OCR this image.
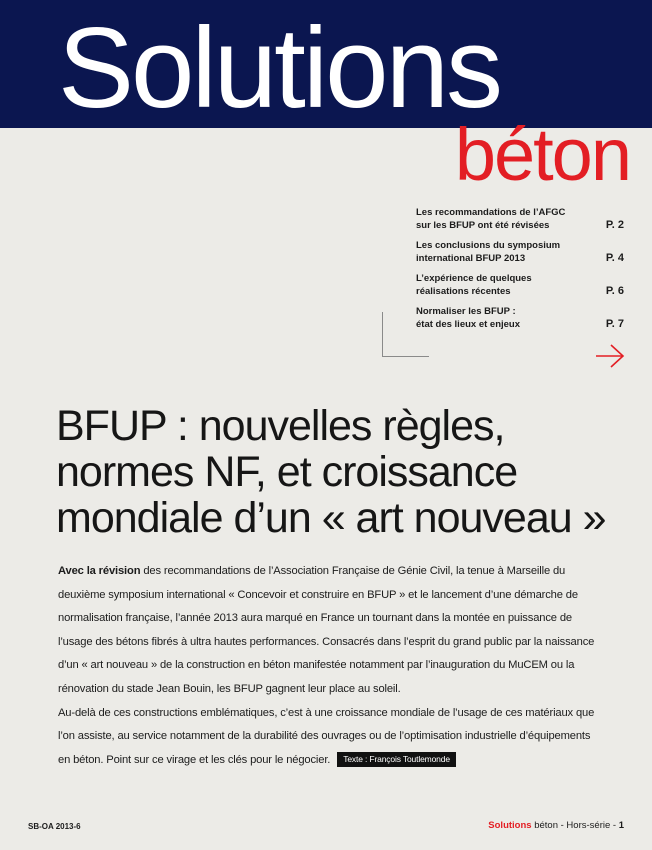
Solutions
béton
Les recommandations de l’AFGC
sur les BFUP ont été révisées	P. 2
Les conclusions du symposium
international BFUP 2013	P. 4
L’expérience de quelques
réalisations récentes	P. 6
Normaliser les BFUP :
état des lieux et enjeux	P. 7
BFUP : nouvelles règles,
normes NF, et croissance
mondiale d’un « art nouveau »

Avec la révision des recommandations de l’Association Française de Génie Civil, la tenue à Marseille du deuxième symposium international « Concevoir et construire en BFUP » et le lancement d’une démarche de normalisation française, l’année 2013 aura marqué en France un tournant dans la montée en puissance de l’usage des bétons fibrés à ultra hautes performances. Consacrés dans l’esprit du grand public par la naissance d’un « art nouveau » de la construction en béton manifestée notamment par l’inauguration du MuCEM ou la rénovation du stade Jean Bouin, les BFUP gagnent leur place au soleil.

Au-delà de ces constructions emblématiques, c’est à une croissance mondiale de l’usage de ces matériaux que l’on assiste, au service notamment de la durabilité des ouvrages ou de l’optimisation industrielle d’équipements en béton. Point sur ce virage et les clés pour le négocier. Texte : François Toutlemonde

SB-OA 2013-6	Solutions béton - Hors-série - 1
